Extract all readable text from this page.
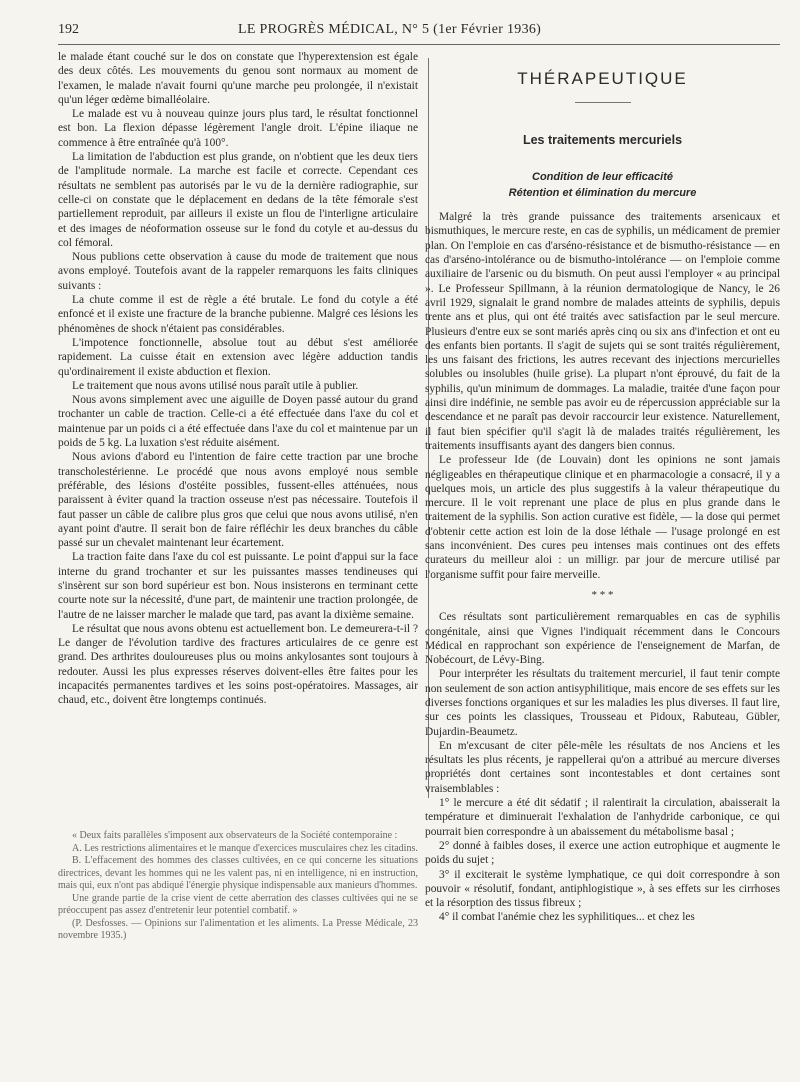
192	LE PROGRÈS MÉDICAL, N° 5 (1er Février 1936)

le malade étant couché sur le dos on constate que l'hyperextension est égale des deux côtés. Les mouvements du genou sont normaux au moment de l'examen, le malade n'avait fourni qu'une marche peu prolongée, il n'existait qu'un léger œdème bimalléolaire.

Le malade est vu à nouveau quinze jours plus tard, le résultat fonctionnel est bon. La flexion dépasse légèrement l'angle droit. L'épine iliaque ne commence à être entraînée qu'à 100°.

La limitation de l'abduction est plus grande, on n'obtient que les deux tiers de l'amplitude normale. La marche est facile et correcte. Cependant ces résultats ne semblent pas autorisés par le vu de la dernière radiographie, sur celle-ci on constate que le déplacement en dedans de la tête fémorale s'est partiellement reproduit, par ailleurs il existe un flou de l'interligne articulaire et des images de néoformation osseuse sur le fond du cotyle et au-dessus du col fémoral.

Nous publions cette observation à cause du mode de traitement que nous avons employé. Toutefois avant de la rappeler remarquons les faits cliniques suivants :

La chute comme il est de règle a été brutale. Le fond du cotyle a été enfoncé et il existe une fracture de la branche pubienne. Malgré ces lésions les phénomènes de shock n'étaient pas considérables.

L'impotence fonctionnelle, absolue tout au début s'est améliorée rapidement. La cuisse était en extension avec légère adduction tandis qu'ordinairement il existe abduction et flexion.

Le traitement que nous avons utilisé nous paraît utile à publier.

Nous avons simplement avec une aiguille de Doyen passé autour du grand trochanter un cable de traction. Celle-ci a été effectuée dans l'axe du col et maintenue par un poids ci a été effectuée dans l'axe du col et maintenue par un poids de 5 kg. La luxation s'est réduite aisément.

Nous avions d'abord eu l'intention de faire cette traction par une broche transcholestérienne. Le procédé que nous avons employé nous semble préférable, des lésions d'ostéite possibles, fussent-elles atténuées, nous paraissent à éviter quand la traction osseuse n'est pas nécessaire. Toutefois il faut passer un câble de calibre plus gros que celui que nous avons utilisé, n'en ayant point d'autre. Il serait bon de faire réfléchir les deux branches du câble passé sur un chevalet maintenant leur écartement.

La traction faite dans l'axe du col est puissante. Le point d'appui sur la face interne du grand trochanter et sur les puissantes masses tendineuses qui s'insèrent sur son bord supérieur est bon. Nous insisterons en terminant cette courte note sur la nécessité, d'une part, de maintenir une traction prolongée, de l'autre de ne laisser marcher le malade que tard, pas avant la dixième semaine.

Le résultat que nous avons obtenu est actuellement bon. Le demeurera-t-il ? Le danger de l'évolution tardive des fractures articulaires de ce genre est grand. Des arthrites douloureuses plus ou moins ankylosantes sont toujours à redouter. Aussi les plus expresses réserves doivent-elles être faites pour les incapacités permanentes tardives et les soins post-opératoires. Massages, air chaud, etc., doivent être longtemps continués.

« Deux faits parallèles s'imposent aux observateurs de la Société contemporaine :

A. Les restrictions alimentaires et le manque d'exercices musculaires chez les citadins.

B. L'effacement des hommes des classes cultivées, en ce qui concerne les situations directrices, devant les hommes qui ne les valent pas, ni en intelligence, ni en instruction, mais qui, eux n'ont pas abdiqué l'énergie physique indispensable aux manieurs d'hommes.

Une grande partie de la crise vient de cette aberration des classes cultivées qui ne se préoccupent pas assez d'entretenir leur potentiel combatif. »

(P. Desfosses. — Opinions sur l'alimentation et les aliments. La Presse Médicale, 23 novembre 1935.)

THÉRAPEUTIQUE
Les traitements mercuriels
Condition de leur efficacité
Rétention et élimination du mercure

Malgré la très grande puissance des traitements arsenicaux et bismuthiques, le mercure reste, en cas de syphilis, un médicament de premier plan. On l'emploie en cas d'arséno-résistance et de bismutho-résistance — en cas d'arséno-intolérance ou de bismutho-intolérance — on l'emploie comme auxiliaire de l'arsenic ou du bismuth. On peut aussi l'employer « au principal ». Le Professeur Spillmann, à la réunion dermatologique de Nancy, le 26 avril 1929, signalait le grand nombre de malades atteints de syphilis, depuis trente ans et plus, qui ont été traités avec satisfaction par le seul mercure. Plusieurs d'entre eux se sont mariés après cinq ou six ans d'infection et ont eu des enfants bien portants. Il s'agit de sujets qui se sont traités régulièrement, les uns faisant des frictions, les autres recevant des injections mercurielles solubles ou insolubles (huile grise). La plupart n'ont éprouvé, du fait de la syphilis, qu'un minimum de dommages. La maladie, traitée d'une façon pour ainsi dire indéfinie, ne semble pas avoir eu de répercussion appréciable sur la descendance et ne paraît pas devoir raccourcir leur existence. Naturellement, il faut bien spécifier qu'il s'agit là de malades traités régulièrement, les traitements insuffisants ayant des dangers bien connus.

Le professeur Ide (de Louvain) dont les opinions ne sont jamais négligeables en thérapeutique clinique et en pharmacologie a consacré, il y a quelques mois, un article des plus suggestifs à la valeur thérapeutique du mercure. Il le voit reprenant une place de plus en plus grande dans le traitement de la syphilis. Son action curative est fidèle, — la dose qui permet d'obtenir cette action est loin de la dose léthale — l'usage prolongé en est sans inconvénient. Des cures peu intenses mais continues ont des effets curateurs du meilleur aloi : un milligr. par jour de mercure utilisé par l'organisme suffit pour faire merveille.

* * *

Ces résultats sont particulièrement remarquables en cas de syphilis congénitale, ainsi que Vignes l'indiquait récemment dans le Concours Médical en rapprochant son expérience de l'enseignement de Marfan, de Nobécourt, de Lévy-Bing.

Pour interpréter les résultats du traitement mercuriel, il faut tenir compte non seulement de son action antisyphilitique, mais encore de ses effets sur les diverses fonctions organiques et sur les maladies les plus diverses. Il faut lire, sur ces points les classiques, Trousseau et Pidoux, Rabuteau, Gübler, Dujardin-Beaumetz.

En m'excusant de citer pêle-mêle les résultats de nos Anciens et les résultats les plus récents, je rappellerai qu'on a attribué au mercure diverses propriétés dont certaines sont incontestables et dont certaines sont vraisemblables :

1° le mercure a été dit sédatif ; il ralentirait la circulation, abaisserait la température et diminuerait l'exhalation de l'anhydride carbonique, ce qui pourrait bien correspondre à un abaissement du métabolisme basal ;

2° donné à faibles doses, il exerce une action eutrophique et augmente le poids du sujet ;

3° il exciterait le système lymphatique, ce qui doit correspondre à son pouvoir « résolutif, fondant, antiphlogistique », à ses effets sur les cirrhoses et la résorption des tissus fibreux ;

4° il combat l'anémie chez les syphilitiques... et chez les
